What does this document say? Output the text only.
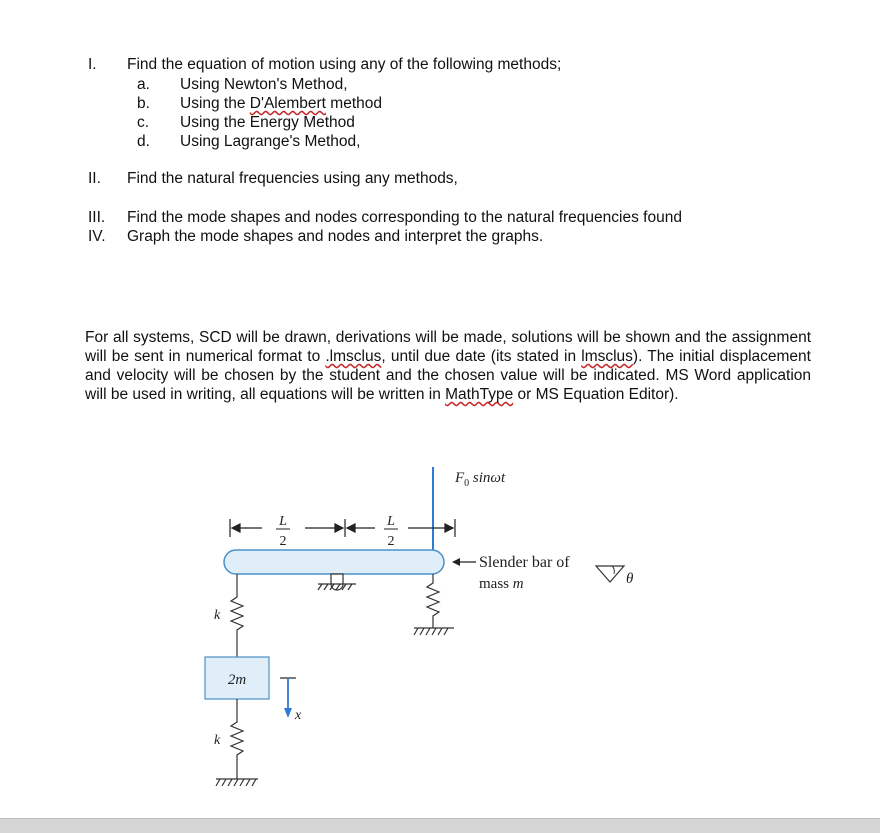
I. Find the equation of motion using any of the following methods;
a. Using Newton's Method,
b. Using the D'Alembert method
c. Using the Energy Method
d. Using Lagrange's Method,
II. Find the natural frequencies using any methods,
III. Find the mode shapes and nodes corresponding to the natural frequencies found
IV. Graph the mode shapes and nodes and interpret the graphs.
For all systems, SCD will be drawn, derivations will be made, solutions will be shown and the assignment will be sent in numerical format to .lmsclus, until due date (its stated in lmsclus). The initial displacement and velocity will be chosen by the student and the chosen value will be indicated. MS Word application will be used in writing, all equations will be written in MathType or MS Equation Editor).
$F_0$ sinωt
L
2
L
2
Slender bar of
mass m	θ
k
2m
x
k
